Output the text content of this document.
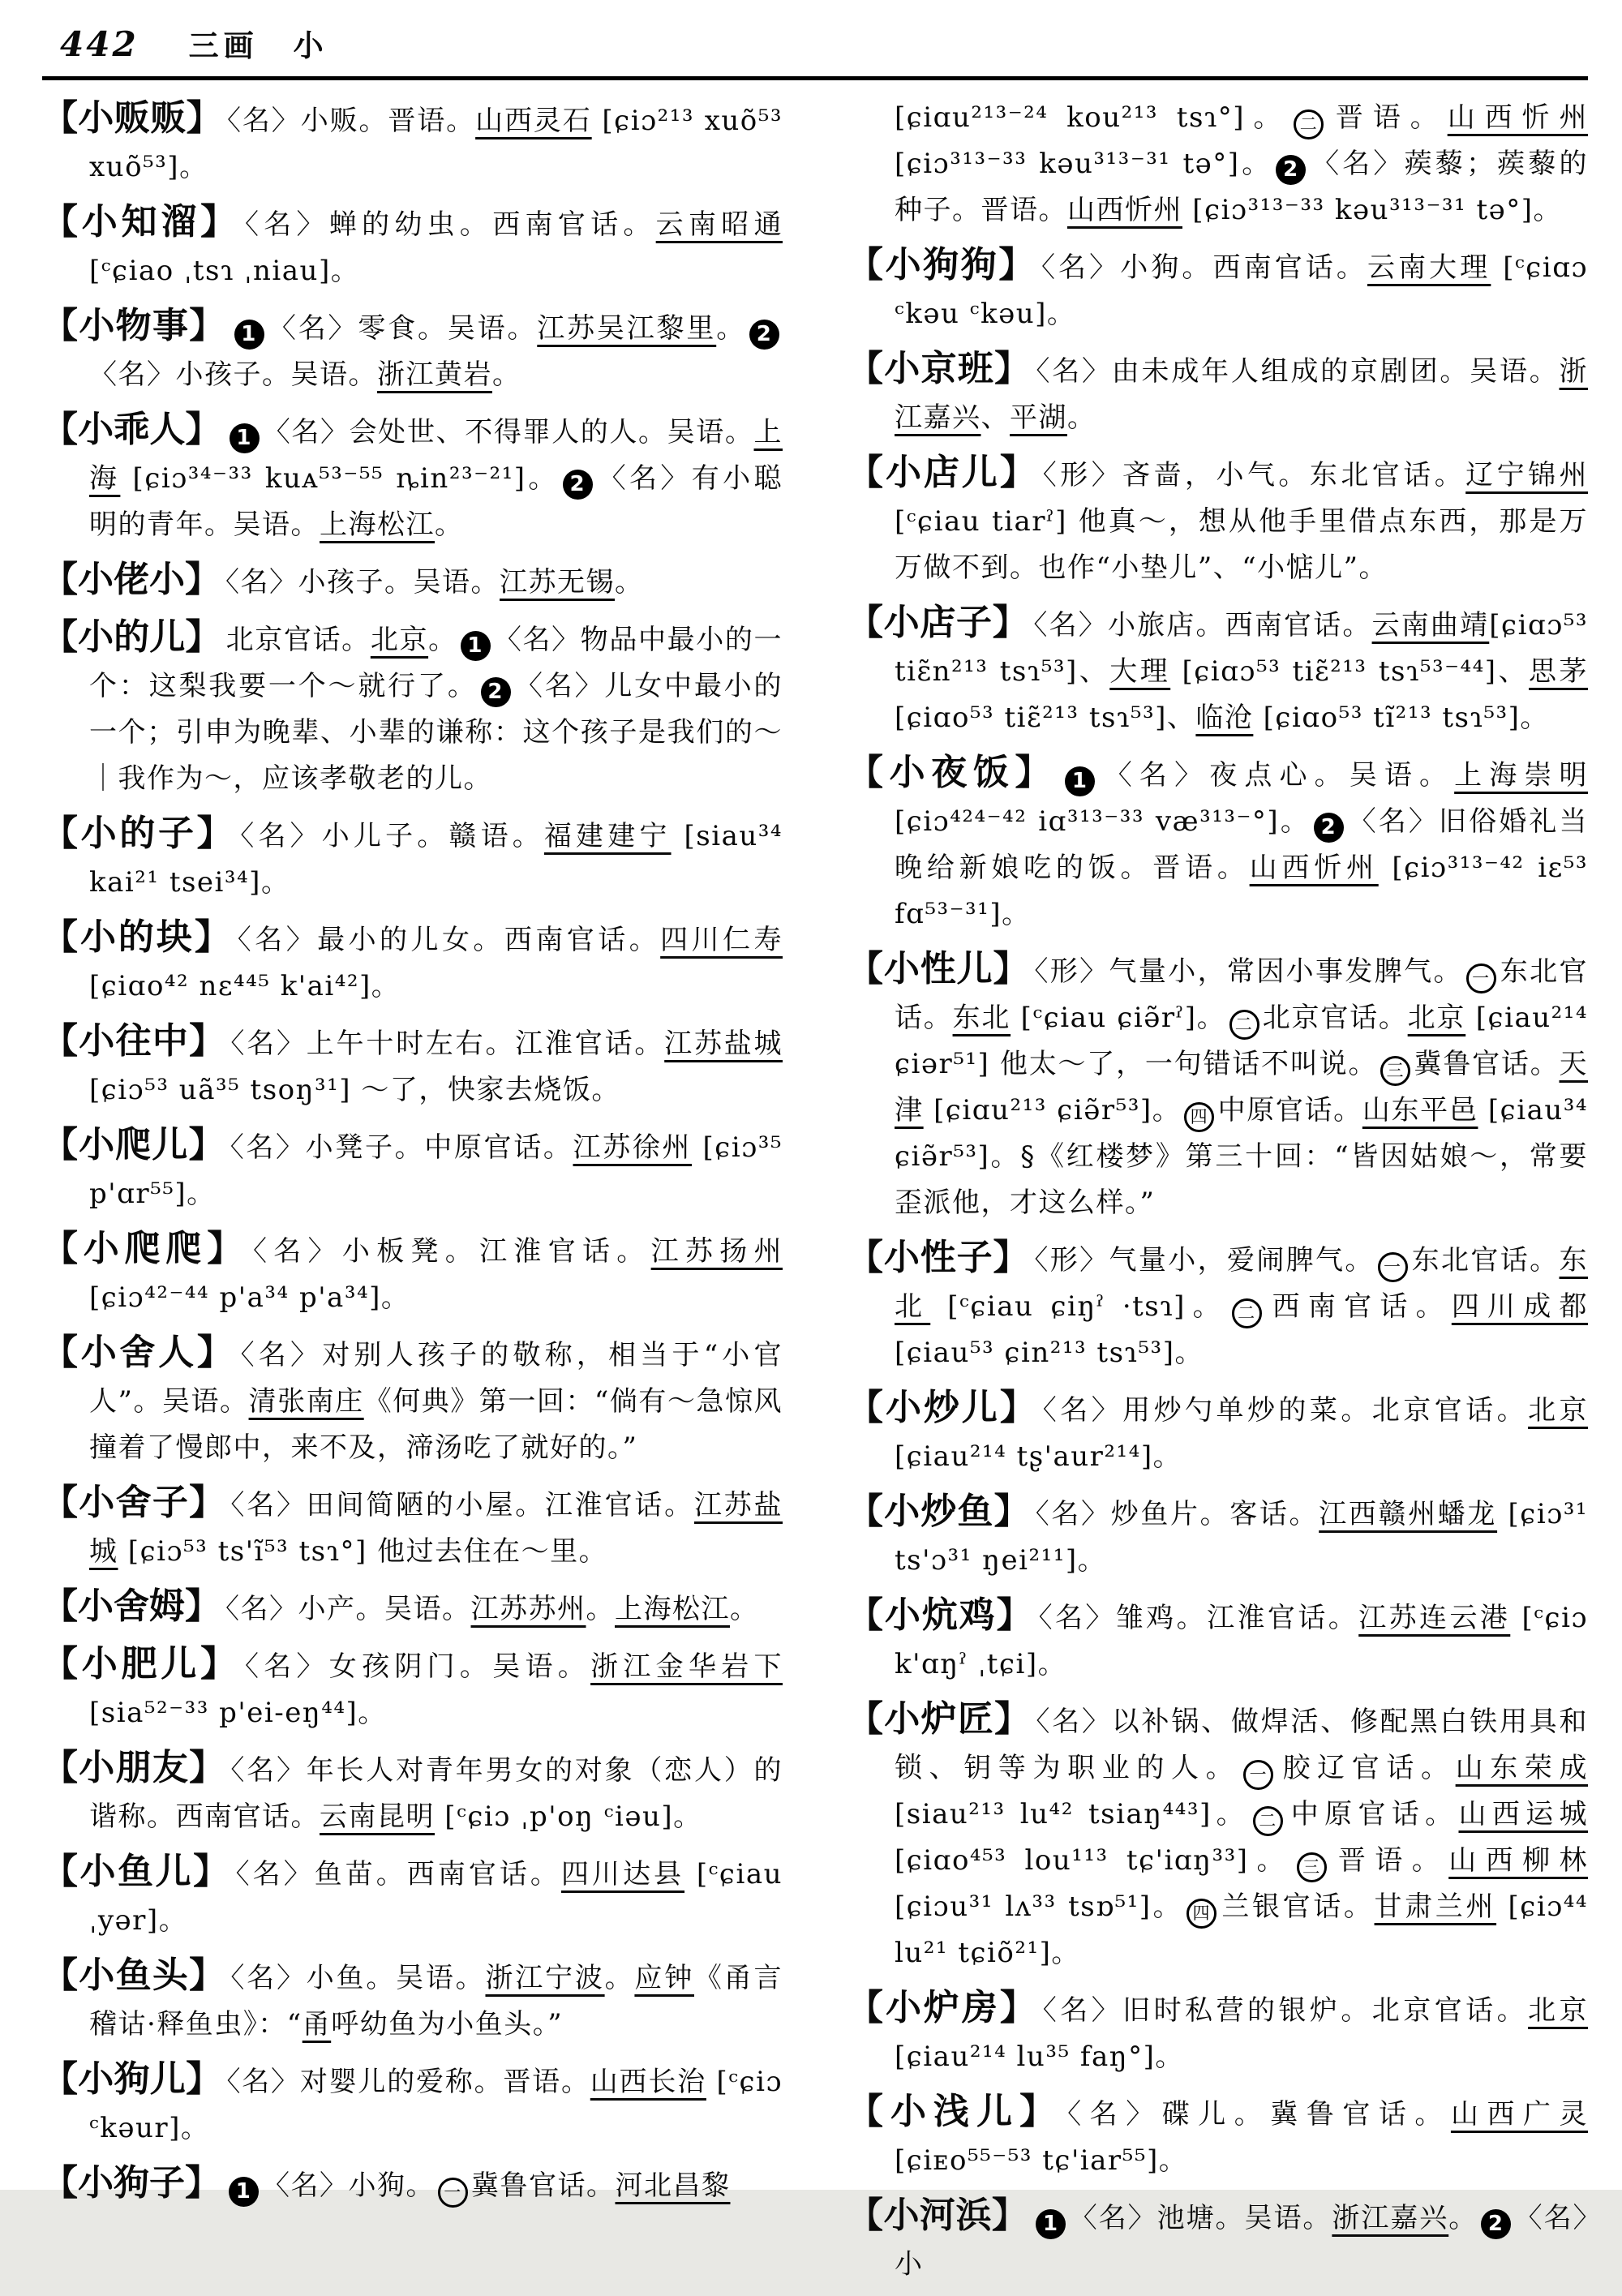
442 三画　小

【小贩贩】 〈名〉小贩。晋语。山西灵石 [ɕiɔ²¹³ xuõ⁵³ xuõ⁵³]。

【小知溜】 〈名〉蝉的幼虫。西南官话。云南昭通 [ᶜɕiao ˌtsɿ ˌniau]。

【小物事】 1 〈名〉零食。吴语。江苏吴江黎里。 2〈名〉小孩子。吴语。浙江黄岩。

【小乖人】 1 〈名〉会处世、不得罪人的人。吴语。上海 [ɕiɔ³⁴⁻³³ kuᴀ⁵³⁻⁵⁵ ȵin²³⁻²¹]。 2 〈名〉有小聪明的青年。吴语。上海松江。

【小佬小】 〈名〉小孩子。吴语。江苏无锡。

【小的儿】 北京官话。北京。 1 〈名〉物品中最小的一个：这梨我要一个～就行了。 2 〈名〉儿女中最小的一个；引申为晚辈、小辈的谦称：这个孩子是我们的～｜我作为～，应该孝敬老的儿。

【小的子】 〈名〉小儿子。赣语。福建建宁 [siau³⁴ kai²¹ tsei³⁴]。

【小的块】 〈名〉最小的儿女。西南官话。四川仁寿 [ɕiɑo⁴² nɛ⁴⁴⁵ k'ai⁴²]。

【小往中】 〈名〉上午十时左右。江淮官话。江苏盐城 [ɕiɔ⁵³ uã³⁵ tsoŋ³¹] ～了，快家去烧饭。

【小爬儿】 〈名〉小凳子。中原官话。江苏徐州 [ɕiɔ³⁵ p'ɑr⁵⁵]。

【小爬爬】 〈名〉小板凳。江淮官话。江苏扬州 [ɕiɔ⁴²⁻⁴⁴ p'a³⁴ p'a³⁴]。

【小舍人】 〈名〉对别人孩子的敬称，相当于“小官人”。吴语。清张南庄《何典》第一回：“倘有～急惊风撞着了慢郎中，来不及，渧汤吃了就好的。”

【小舍子】 〈名〉田间简陋的小屋。江淮官话。江苏盐城 [ɕiɔ⁵³ ts'ĩ⁵³ tsɿ°] 他过去住在～里。

【小舍姆】 〈名〉小产。吴语。江苏苏州。上海松江。

【小肥儿】 〈名〉女孩阴门。吴语。浙江金华岩下 [sia⁵²⁻³³ p'ei-eŋ⁴⁴]。

【小朋友】 〈名〉年长人对青年男女的对象（恋人）的谐称。西南官话。云南昆明 [ᶜɕiɔ ˌp'oŋ ᶜiəu]。

【小鱼儿】 〈名〉鱼苗。西南官话。四川达县 [ᶜɕiau ˌyər]。

【小鱼头】 〈名〉小鱼。吴语。浙江宁波。应钟《甬言稽诂·释鱼虫》：“甬呼幼鱼为小鱼头。”

【小狗儿】 〈名〉对婴儿的爱称。晋语。山西长治 [ᶜɕiɔ ᶜkəur]。

【小狗子】 1 〈名〉小狗。 一 冀鲁官话。河北昌黎

[ɕiɑu²¹³⁻²⁴ kou²¹³ tsɿ°]。 二 晋语。山西忻州 [ɕiɔ³¹³⁻³³ kəu³¹³⁻³¹ tə°]。 2 〈名〉蒺藜；蒺藜的种子。晋语。山西忻州 [ɕiɔ³¹³⁻³³ kəu³¹³⁻³¹ tə°]。

【小狗狗】 〈名〉小狗。西南官话。云南大理 [ᶜɕiɑɔ ᶜkəu ᶜkəu]。

【小京班】 〈名〉由未成年人组成的京剧团。吴语。浙江嘉兴、平湖。

【小店儿】 〈形〉吝啬，小气。东北官话。辽宁锦州 [ᶜɕiau tiarˀ] 他真～，想从他手里借点东西，那是万万做不到。也作“小垫儿”、“小惦儿”。

【小店子】 〈名〉小旅店。西南官话。云南曲靖[ɕiɑɔ⁵³ tiɛ̃n²¹³ tsɿ⁵³]、大理 [ɕiɑɔ⁵³ tiɛ̃²¹³ tsɿ⁵³⁻⁴⁴]、思茅 [ɕiɑo⁵³ tiɛ̃²¹³ tsɿ⁵³]、临沧 [ɕiɑo⁵³ tĩ²¹³ tsɿ⁵³]。

【小夜饭】 1 〈名〉夜点心。吴语。上海崇明 [ɕiɔ⁴²⁴⁻⁴² iɑ³¹³⁻³³ væ³¹³⁻°]。 2 〈名〉旧俗婚礼当晚给新娘吃的饭。晋语。山西忻州 [ɕiɔ³¹³⁻⁴² iɛ⁵³ fɑ⁵³⁻³¹]。

【小性儿】 〈形〉气量小，常因小事发脾气。 一 东北官话。东北 [ᶜɕiau ɕiə̃rˀ]。 二 北京官话。北京 [ɕiau²¹⁴ ɕiər⁵¹] 他太～了，一句错话不叫说。 三 冀鲁官话。天津 [ɕiɑu²¹³ ɕiə̃r⁵³]。 四 中原官话。山东平邑 [ɕiau³⁴ ɕiə̃r⁵³]。§《红楼梦》第三十回：“皆因姑娘～，常要歪派他，才这么样。”

【小性子】 〈形〉气量小，爱闹脾气。 一 东北官话。东北 [ᶜɕiau ɕiŋˀ ·tsɿ]。 二 西南官话。四川成都 [ɕiau⁵³ ɕin²¹³ tsɿ⁵³]。

【小炒儿】 〈名〉用炒勺单炒的菜。北京官话。北京 [ɕiau²¹⁴ tʂ'aur²¹⁴]。

【小炒鱼】 〈名〉炒鱼片。客话。江西赣州蟠龙 [ɕiɔ³¹ ts'ɔ³¹ ŋei²¹¹]。

【小炕鸡】 〈名〉雏鸡。江淮官话。江苏连云港 [ᶜɕiɔ k'ɑŋˀ ˌtɕi]。

【小炉匠】 〈名〉以补锅、做焊活、修配黑白铁用具和锁、钥等为职业的人。 一 胶辽官话。山东荣成 [siau²¹³ lu⁴² tsiaŋ⁴⁴³]。 二 中原官话。山西运城 [ɕiɑo⁴⁵³ lou¹¹³ tɕ'iɑŋ³³]。 三 晋语。山西柳林 [ɕiɔu³¹ lʌ³³ tsɒ⁵¹]。 四 兰银官话。甘肃兰州 [ɕiɔ⁴⁴ lu²¹ tɕiõ²¹]。

【小炉房】 〈名〉旧时私营的银炉。北京官话。北京 [ɕiau²¹⁴ lu³⁵ faŋ°]。

【小浅儿】 〈名〉碟儿。冀鲁官话。山西广灵 [ɕiᴇo⁵⁵⁻⁵³ tɕ'iar⁵⁵]。

【小河浜】 1 〈名〉池塘。吴语。浙江嘉兴。 2 〈名〉小
